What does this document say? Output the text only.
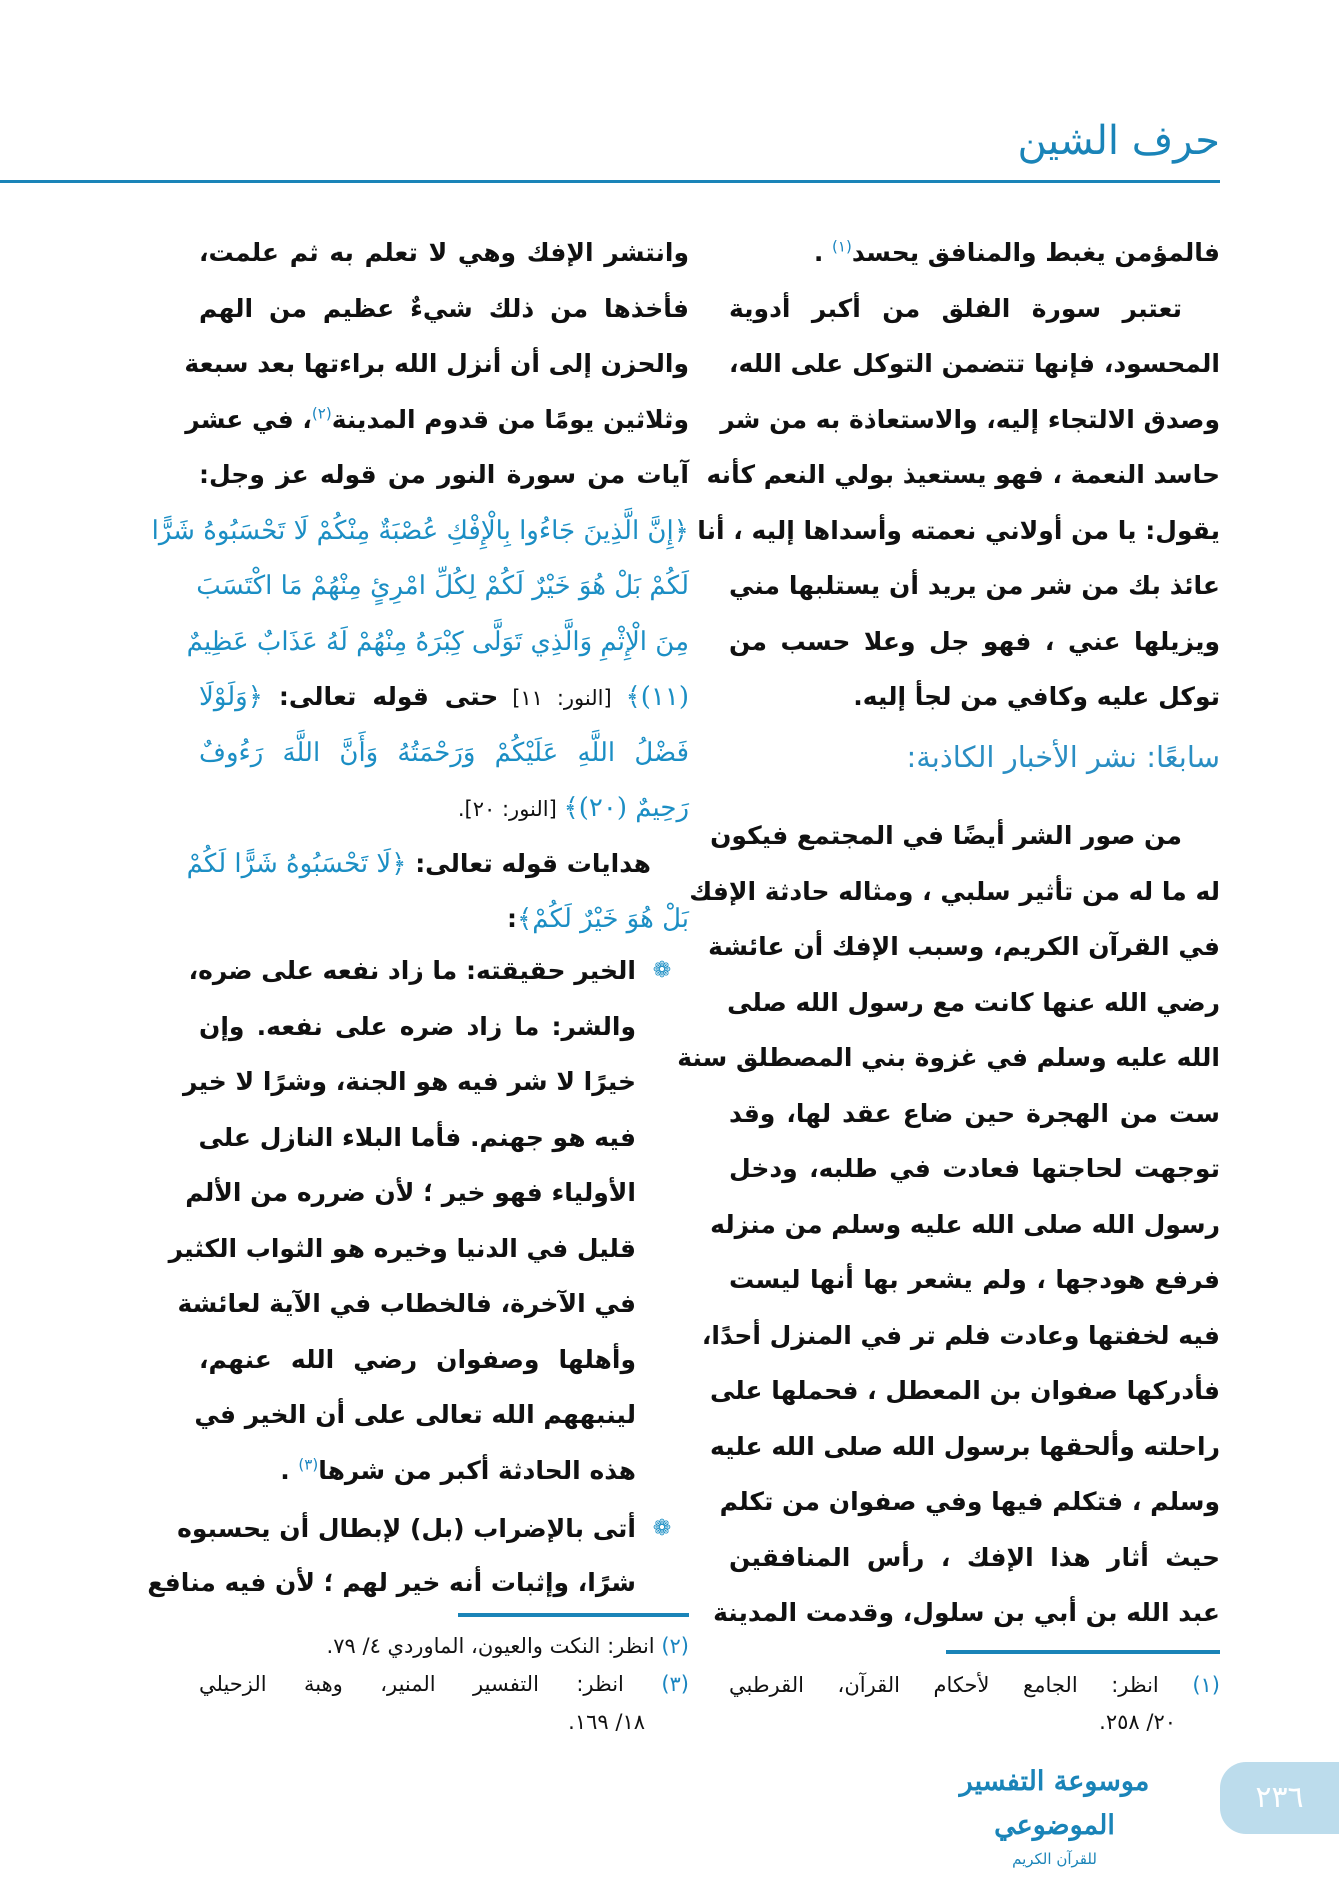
حرف الشين
سابعًا: نشر الأخبار الكاذبة:
فالمؤمن يغبط والمنافق يحسد$^{(١)}$ .
تعتبر سورة الفلق من أكبر أدوية
المحسود، فإنها تتضمن التوكل على الله،
وصدق الالتجاء إليه، والاستعاذة به من شر
حاسد النعمة ، فهو يستعيذ بولي النعم كأنه
يقول: يا من أولاني نعمته وأسداها إليه ، أنا
عائذ بك من شر من يريد أن يستلبها مني
ويزيلها عني ، فهو جل وعلا حسب من
توكل عليه وكافي من لجأ إليه.
من صور الشر أيضًا في المجتمع فيكون
له ما له من تأثير سلبي ، ومثاله حادثة الإفك
في القرآن الكريم، وسبب الإفك أن عائشة
رضي الله عنها كانت مع رسول الله صلى
الله عليه وسلم في غزوة بني المصطلق سنة
ست من الهجرة حين ضاع عقد لها، وقد
توجهت لحاجتها فعادت في طلبه، ودخل
رسول الله صلى الله عليه وسلم من منزله
فرفع هودجها ، ولم يشعر بها أنها ليست
فيه لخفتها وعادت فلم تر في المنزل أحدًا،
فأدركها صفوان بن المعطل ، فحملها على
راحلته وألحقها برسول الله صلى الله عليه
وسلم ، فتكلم فيها وفي صفوان من تكلم
حيث أثار هذا الإفك ، رأس المنافقين
عبد الله بن أبي بن سلول، وقدمت المدينة
(١) انظر: الجامع لأحكام القرآن، القرطبي
٢٠/ ٢٥٨.
وانتشر الإفك وهي لا تعلم به ثم علمت،
فأخذها من ذلك شيءٌ عظيم من الهم
والحزن إلى أن أنزل الله براءتها بعد سبعة
وثلاثين يومًا من قدوم المدينة$^{(٢)}$، في عشر
آيات من سورة النور من قوله عز وجل:
﴿إِنَّ الَّذِينَ جَاءُوا بِالْإِفْكِ عُصْبَةٌ مِنْكُمْ لَا تَحْسَبُوهُ شَرًّا
لَكُمْ بَلْ هُوَ خَيْرٌ لَكُمْ لِكُلِّ امْرِئٍ مِنْهُمْ مَا اكْتَسَبَ
مِنَ الْإِثْمِ وَالَّذِي تَوَلَّى كِبْرَهُ مِنْهُمْ لَهُ عَذَابٌ عَظِيمٌ
(١١)﴾ [النور: ١١] حتى قوله تعالى: ﴿وَلَوْلَا
فَضْلُ اللَّهِ عَلَيْكُمْ وَرَحْمَتُهُ وَأَنَّ اللَّهَ رَءُوفٌ
رَحِيمٌ (٢٠)﴾ [النور: ٢٠].
هدايات قوله تعالى: ﴿لَا تَحْسَبُوهُ شَرًّا لَكُمْ
بَلْ هُوَ خَيْرٌ لَكُمْ﴾:
الخير حقيقته: ما زاد نفعه على ضره، ❁
والشر: ما زاد ضره على نفعه. وإن
خيرًا لا شر فيه هو الجنة، وشرًا لا خير
فيه هو جهنم. فأما البلاء النازل على
الأولياء فهو خير ؛ لأن ضرره من الألم
قليل في الدنيا وخيره هو الثواب الكثير
في الآخرة، فالخطاب في الآية لعائشة
وأهلها وصفوان رضي الله عنهم،
لينبههم الله تعالى على أن الخير في
هذه الحادثة أكبر من شرها$^{(٣)}$ .
أتى بالإضراب (بل) لإبطال أن يحسبوه ❁
شرًا، وإثبات أنه خير لهم ؛ لأن فيه منافع
(٢) انظر: النكت والعيون، الماوردي ٤/ ٧٩.
(٣) انظر: التفسير المنير، وهبة الزحيلي
١٨/ ١٦٩.
٢٣٦
موسوعة التفسير الموضوعي
للقرآن الكريم
